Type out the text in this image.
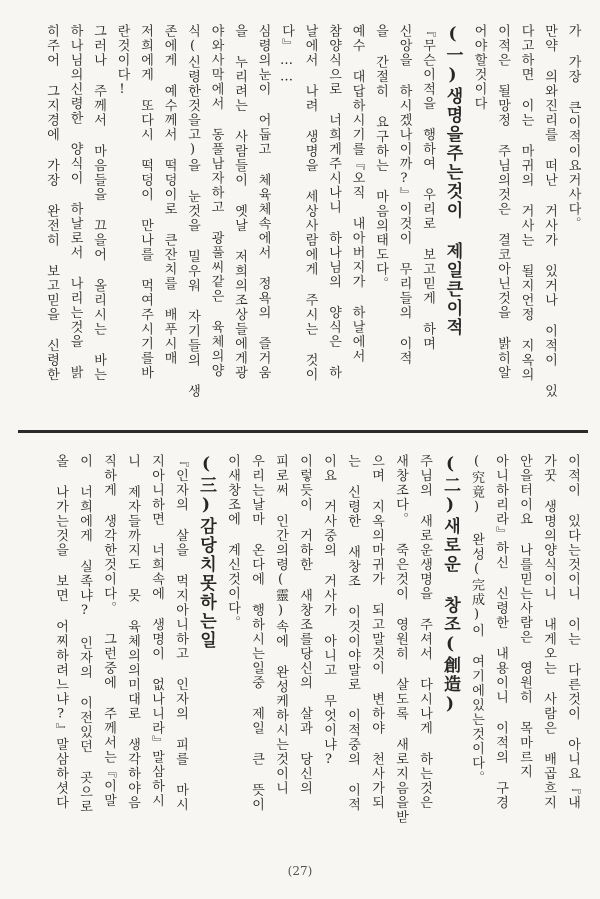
가 가장 큰이적이요거사다。
만약 의와진리를 떠난 거사가 있거나 이적이 있
다고하면 이는 마귀의 거사는 될지언정 지옥의
이적은 될망정 주님의것은 결코아닌것을 밝히알
어야할것이다
(一)생명을주는것이 제일큰이적
『무슨이적을 행하여 우리로 보고믿게 하며
신앙을 하시겠나이까?』이것이 무리들의 이적
을 간절히 요구하는 마음의태도다。
예수 대답하시기를『오직 내아버지가 하날에서
참양식으로 너희게주시나니 하나님의 양식은 하
날에서 나려 생명을 세상사람에게 주시는 것이
다』……
심령의눈이 어둡고 체육체속에서 정욕의 즐거움
을 누리려는 사람들이 옛날 저희의조상들에게광
야와사막에서 동풀남자하고 광풀씨같은 육체의양
식(신령한것을고)을 눈것을 밀우워 자기들의 생
존에게 예수께서 떡덩이로 큰잔치를 배푸시매
저희에게 또다시 떡덩이 만나를 먹여주시기를바
란것이다!
그러나 주께서 마음들을 끄을어 올리시는 바는
하나님의신령한 양식이 하날로서 나리는것을 밝
히주어 그지경에 가장 완전히 보고믿을 신령한
이적이 있다는것이니 이는 다른것이 아니요『내
가꿋 생명의양식이니 내게오는 사람은 배곱흐지
안을터이요 나를믿는사람은 영원히 목마르지
아니하리라』하신 신령한 내용이니 이적의 구경
(究竟) 완성(完成)이 여기에있는것이다。
(二)새로운 창조(創造)
주님의 새로운생명을 주셔서 다시나게 하는것은
새창조다。 죽은것이 영원히 살도록 새로지음을받
으며 지옥의마귀가 되고말것이 변하야 천사가되
는 신령한 새창조 이것이야말로 이적중의 이적
이요 거사중의 거사가 아니고 무엇이냐?
이렇듯이 거하한 새창조를당신의 살과 당신의
피로써 인간의령(靈)속에 완성케하시는것이니
우리는날마 온다에 행하시는일중 제일 큰 뜻이
이새창조에 계신것이다。
(三)감당치못하는일
『인자의 살을 먹지아니하고 인자의 피를 마시
지아니하면 너희속에 생명이 없나니라』말삼하시
니 제자들까지도 못 육체의의미대로 생각하야음
직하게 생각한것이다。 그런중에 주께서는『이말
이 너희에게 실족냐? 인자의 이전있던 곳으로
올 나가는것을 보면 어찌하려느냐?』말삼하셧다
(27)
